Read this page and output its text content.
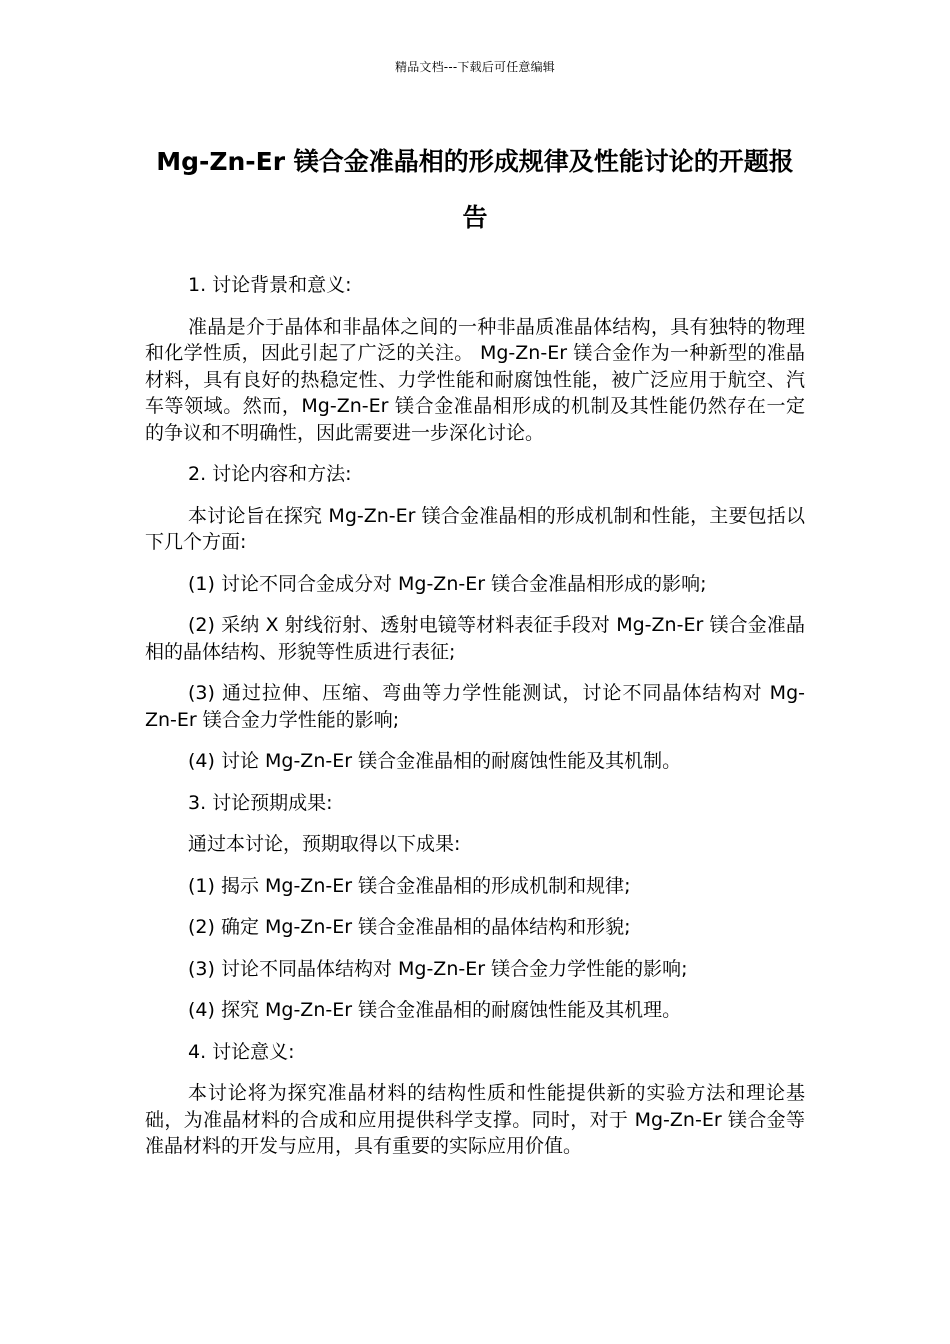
精品文档---下载后可任意编辑
Mg-Zn-Er 镁合金准晶相的形成规律及性能讨论的开题报告

1. 讨论背景和意义:

准晶是介于晶体和非晶体之间的一种非晶质准晶体结构，具有独特的物理和化学性质，因此引起了广泛的关注。 Mg-Zn-Er 镁合金作为一种新型的准晶材料，具有良好的热稳定性、力学性能和耐腐蚀性能，被广泛应用于航空、汽车等领域。然而，Mg-Zn-Er 镁合金准晶相形成的机制及其性能仍然存在一定的争议和不明确性，因此需要进一步深化讨论。

2. 讨论内容和方法:

本讨论旨在探究 Mg-Zn-Er 镁合金准晶相的形成机制和性能，主要包括以下几个方面:

(1) 讨论不同合金成分对 Mg-Zn-Er 镁合金准晶相形成的影响;

(2) 采纳 X 射线衍射、透射电镜等材料表征手段对 Mg-Zn-Er 镁合金准晶相的晶体结构、形貌等性质进行表征;

(3) 通过拉伸、压缩、弯曲等力学性能测试，讨论不同晶体结构对 Mg-Zn-Er 镁合金力学性能的影响;

(4) 讨论 Mg-Zn-Er 镁合金准晶相的耐腐蚀性能及其机制。

3. 讨论预期成果:

通过本讨论，预期取得以下成果:

(1) 揭示 Mg-Zn-Er 镁合金准晶相的形成机制和规律;

(2) 确定 Mg-Zn-Er 镁合金准晶相的晶体结构和形貌;

(3) 讨论不同晶体结构对 Mg-Zn-Er 镁合金力学性能的影响;

(4) 探究 Mg-Zn-Er 镁合金准晶相的耐腐蚀性能及其机理。

4. 讨论意义:

本讨论将为探究准晶材料的结构性质和性能提供新的实验方法和理论基础，为准晶材料的合成和应用提供科学支撑。同时，对于 Mg-Zn-Er 镁合金等准晶材料的开发与应用，具有重要的实际应用价值。
